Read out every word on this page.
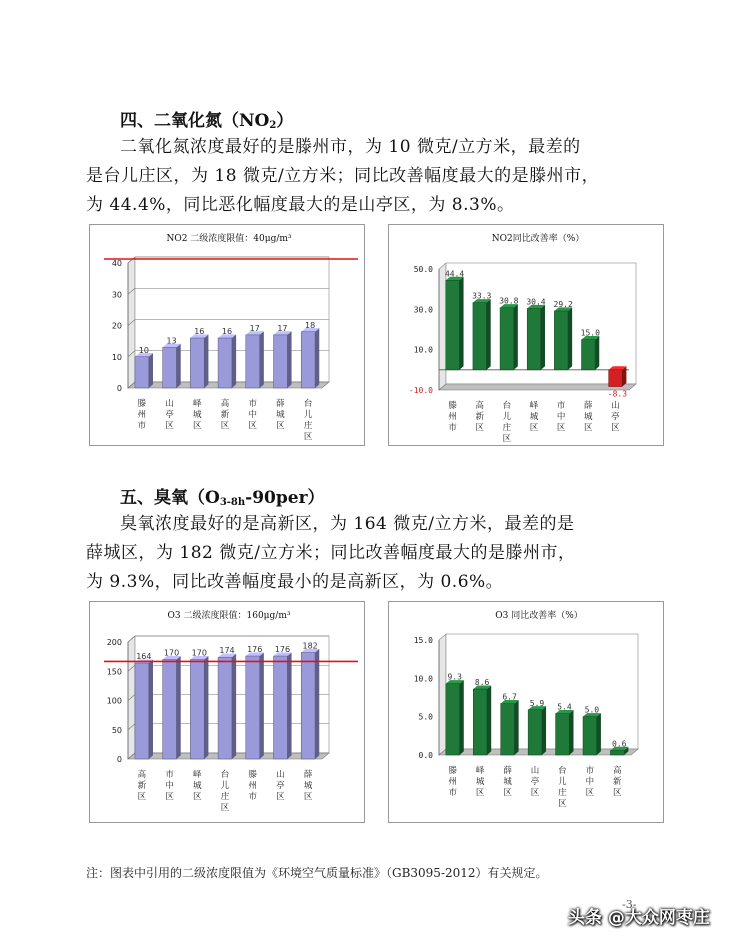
四、二氧化氮$(NO_2)$
二氧化氮浓度最好的是滕州市，为 10 微克/立方米，最差的
是台儿庄区，为 18 微克/立方米；同比改善幅度最大的是滕州市，
为 44.4%，同比恶化幅度最大的是山亭区，为 8.3%。
NO2 二级浓度限值：40μg/m³
0
10
20
30
40
10
滕州市
13
山亭区
16
峄城区
16
高新区
17
市中区
17
薛城区
18
台儿庄区
NO2同比改善率（%）
-10.0
10.0
30.0
50.0 44.4
滕州市
33.3
高新区
30.8
台儿庄区
30.4
峄城区
29.2
市中区
15.0
薛城区
-8.3
山亭区
五、臭氧$(O_{3-8h}-90per)$
臭氧浓度最好的是高新区，为 164 微克/立方米，最差的是
薛城区，为 182 微克/立方米；同比改善幅度最大的是滕州市，
为 9.3%，同比改善幅度最小的是高新区，为 0.6%。
O3 二级浓度限值：160μg/m³
0
50
100
150
200
164
高新区
170
市中区
170
峄城区
174
台儿庄区
176
滕州市
176
山亭区
182
薛城区
O3 同比改善率（%）
0.0
5.0
10.0
15.0
9.3
滕州市
8.6
峄城区
6.7
薛城区
5.9
山亭区
5.4
台儿庄区
5.0
市中区
0.6
高新区

注：图表中引用的二级浓度限值为《环境空气质量标准》（GB3095-2012）有关规定。

-3-
头条 @大众网枣庄
